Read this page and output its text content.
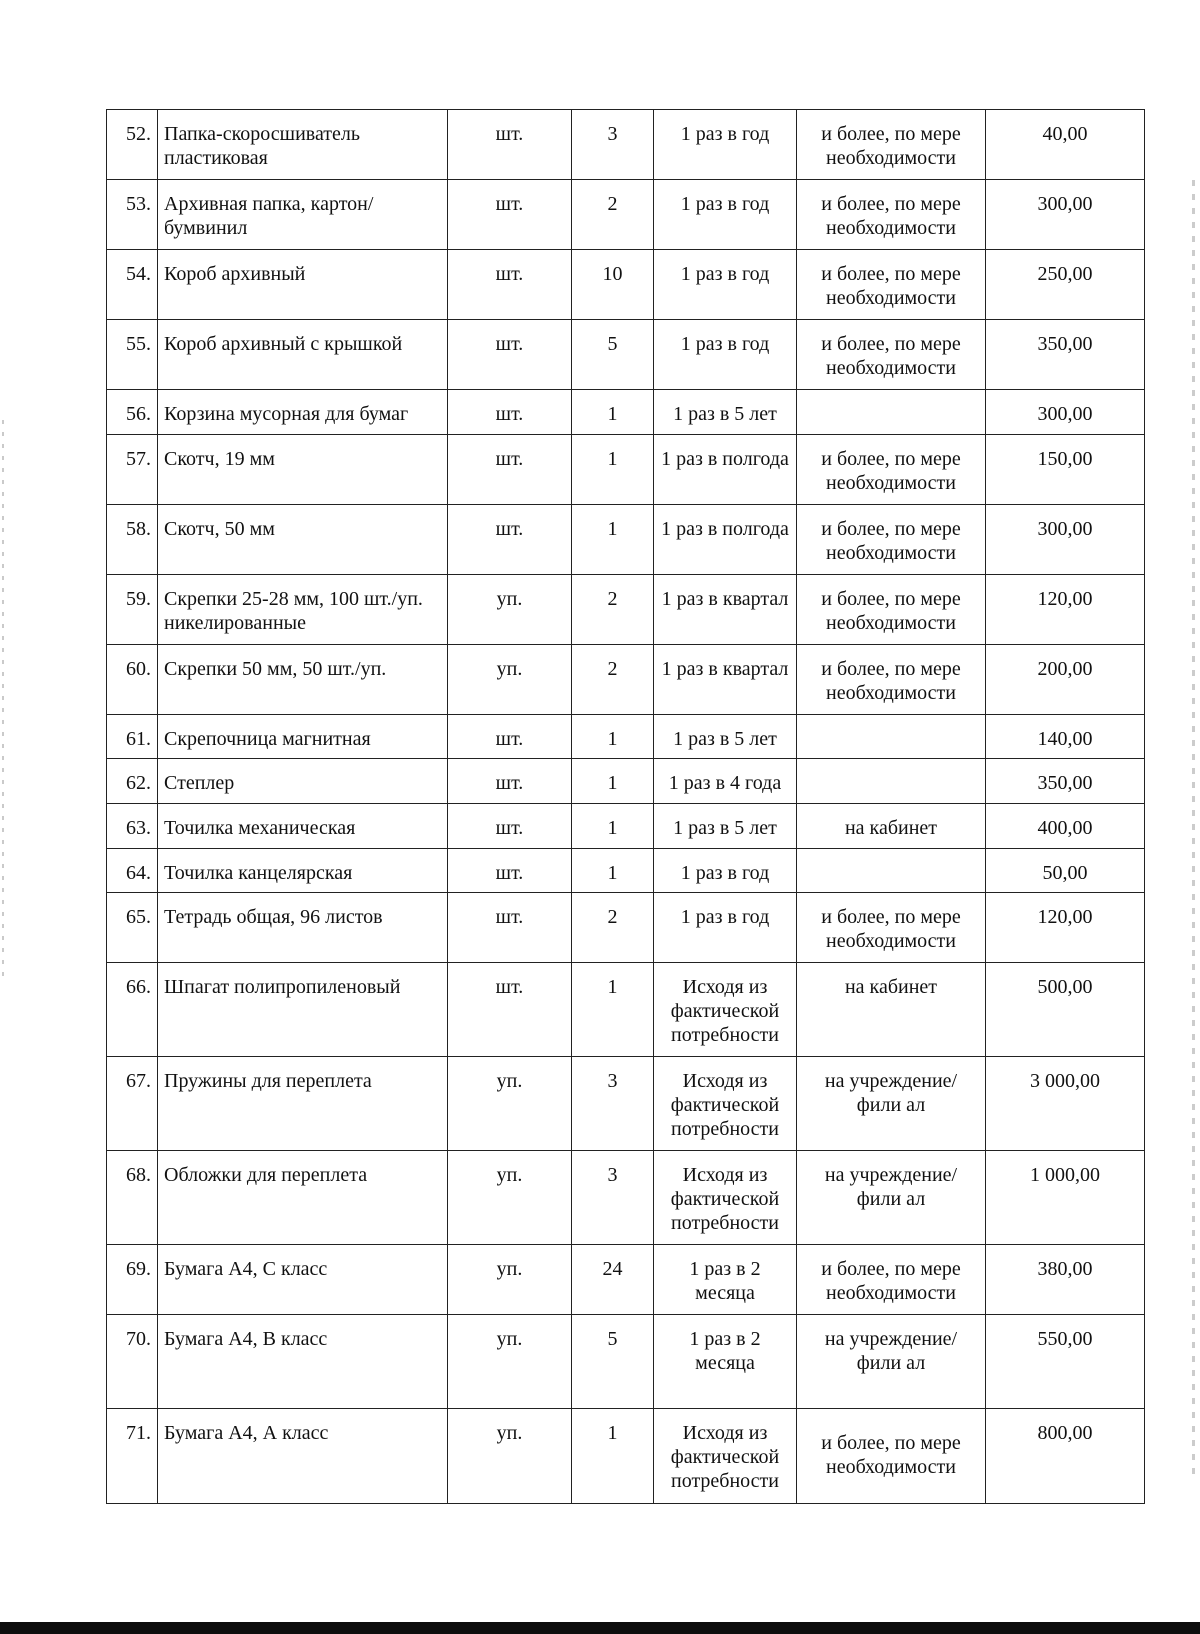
52.	Папка-скоросшиватель пластиковая	шт.	3	1 раз в год	и более, по мере необходимости	40,00
53.	Архивная папка, картон/бумвинил	шт.	2	1 раз в год	и более, по мере необходимости	300,00
54.	Короб архивный	шт.	10	1 раз в год	и более, по мере необходимости	250,00
55.	Короб архивный с крышкой	шт.	5	1 раз в год	и более, по мере необходимости	350,00
56.	Корзина мусорная для бумаг	шт.	1	1 раз в 5 лет		300,00
57.	Скотч, 19 мм	шт.	1	1 раз в полгода	и более, по мере необходимости	150,00
58.	Скотч, 50 мм	шт.	1	1 раз в полгода	и более, по мере необходимости	300,00
59.	Скрепки 25-28 мм, 100 шт./уп. никелированные	уп.	2	1 раз в квартал	и более, по мере необходимости	120,00
60.	Скрепки 50 мм, 50 шт./уп.	уп.	2	1 раз в квартал	и более, по мере необходимости	200,00
61.	Скрепочница магнитная	шт.	1	1 раз в 5 лет		140,00
62.	Степлер	шт.	1	1 раз в 4 года		350,00
63.	Точилка механическая	шт.	1	1 раз в 5 лет	на кабинет	400,00
64.	Точилка канцелярская	шт.	1	1 раз в год		50,00
65.	Тетрадь общая, 96 листов	шт.	2	1 раз в год	и более, по мере необходимости	120,00
66.	Шпагат полипропиленовый	шт.	1	Исходя из фактической потребности	на кабинет	500,00
67.	Пружины для переплета	уп.	3	Исходя из фактической потребности	на учреждение/фили ал	3 000,00
68.	Обложки для переплета	уп.	3	Исходя из фактической потребности	на учреждение/фили ал	1 000,00
69.	Бумага А4, С класс	уп.	24	1 раз в 2 месяца	и более, по мере необходимости	380,00
70.	Бумага А4, В класс	уп.	5	1 раз в 2 месяца	на учреждение/фили ал	550,00
71.	Бумага А4, А класс	уп.	1	Исходя из фактической потребности	и более, по мере необходимости	800,00
